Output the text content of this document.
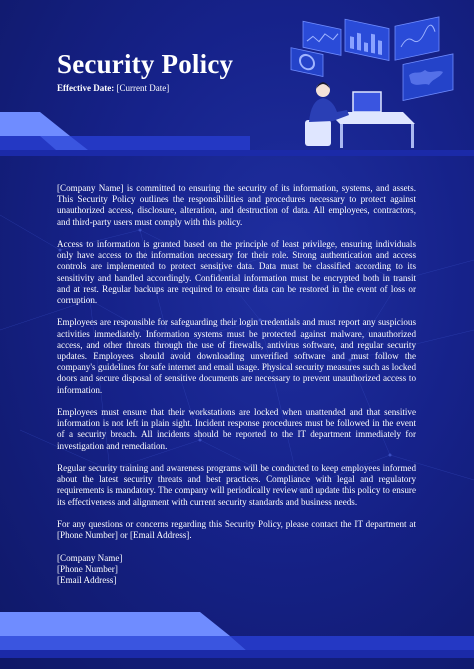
Security Policy
Effective Date: [Current Date]

[Company Name] is committed to ensuring the security of its information, systems, and assets. This Security Policy outlines the responsibilities and procedures necessary to protect against unauthorized access, disclosure, alteration, and destruction of data. All employees, contractors, and third-party users must comply with this policy.

Access to information is granted based on the principle of least privilege, ensuring individuals only have access to the information necessary for their role. Strong authentication and access controls are implemented to protect sensitive data. Data must be classified according to its sensitivity and handled accordingly. Confidential information must be encrypted both in transit and at rest. Regular backups are required to ensure data can be restored in the event of loss or corruption.

Employees are responsible for safeguarding their login credentials and must report any suspicious activities immediately. Information systems must be protected against malware, unauthorized access, and other threats through the use of firewalls, antivirus software, and regular security updates. Employees should avoid downloading unverified software and must follow the company's guidelines for safe internet and email usage. Physical security measures such as locked doors and secure disposal of sensitive documents are necessary to prevent unauthorized access to information.

Employees must ensure that their workstations are locked when unattended and that sensitive information is not left in plain sight. Incident response procedures must be followed in the event of a security breach. All incidents should be reported to the IT department immediately for investigation and remediation.

Regular security training and awareness programs will be conducted to keep employees informed about the latest security threats and best practices. Compliance with legal and regulatory requirements is mandatory. The company will periodically review and update this policy to ensure its effectiveness and alignment with current security standards and business needs.

For any questions or concerns regarding this Security Policy, please contact the IT department at [Phone Number] or [Email Address].

[Company Name]
[Phone Number]
[Email Address]
